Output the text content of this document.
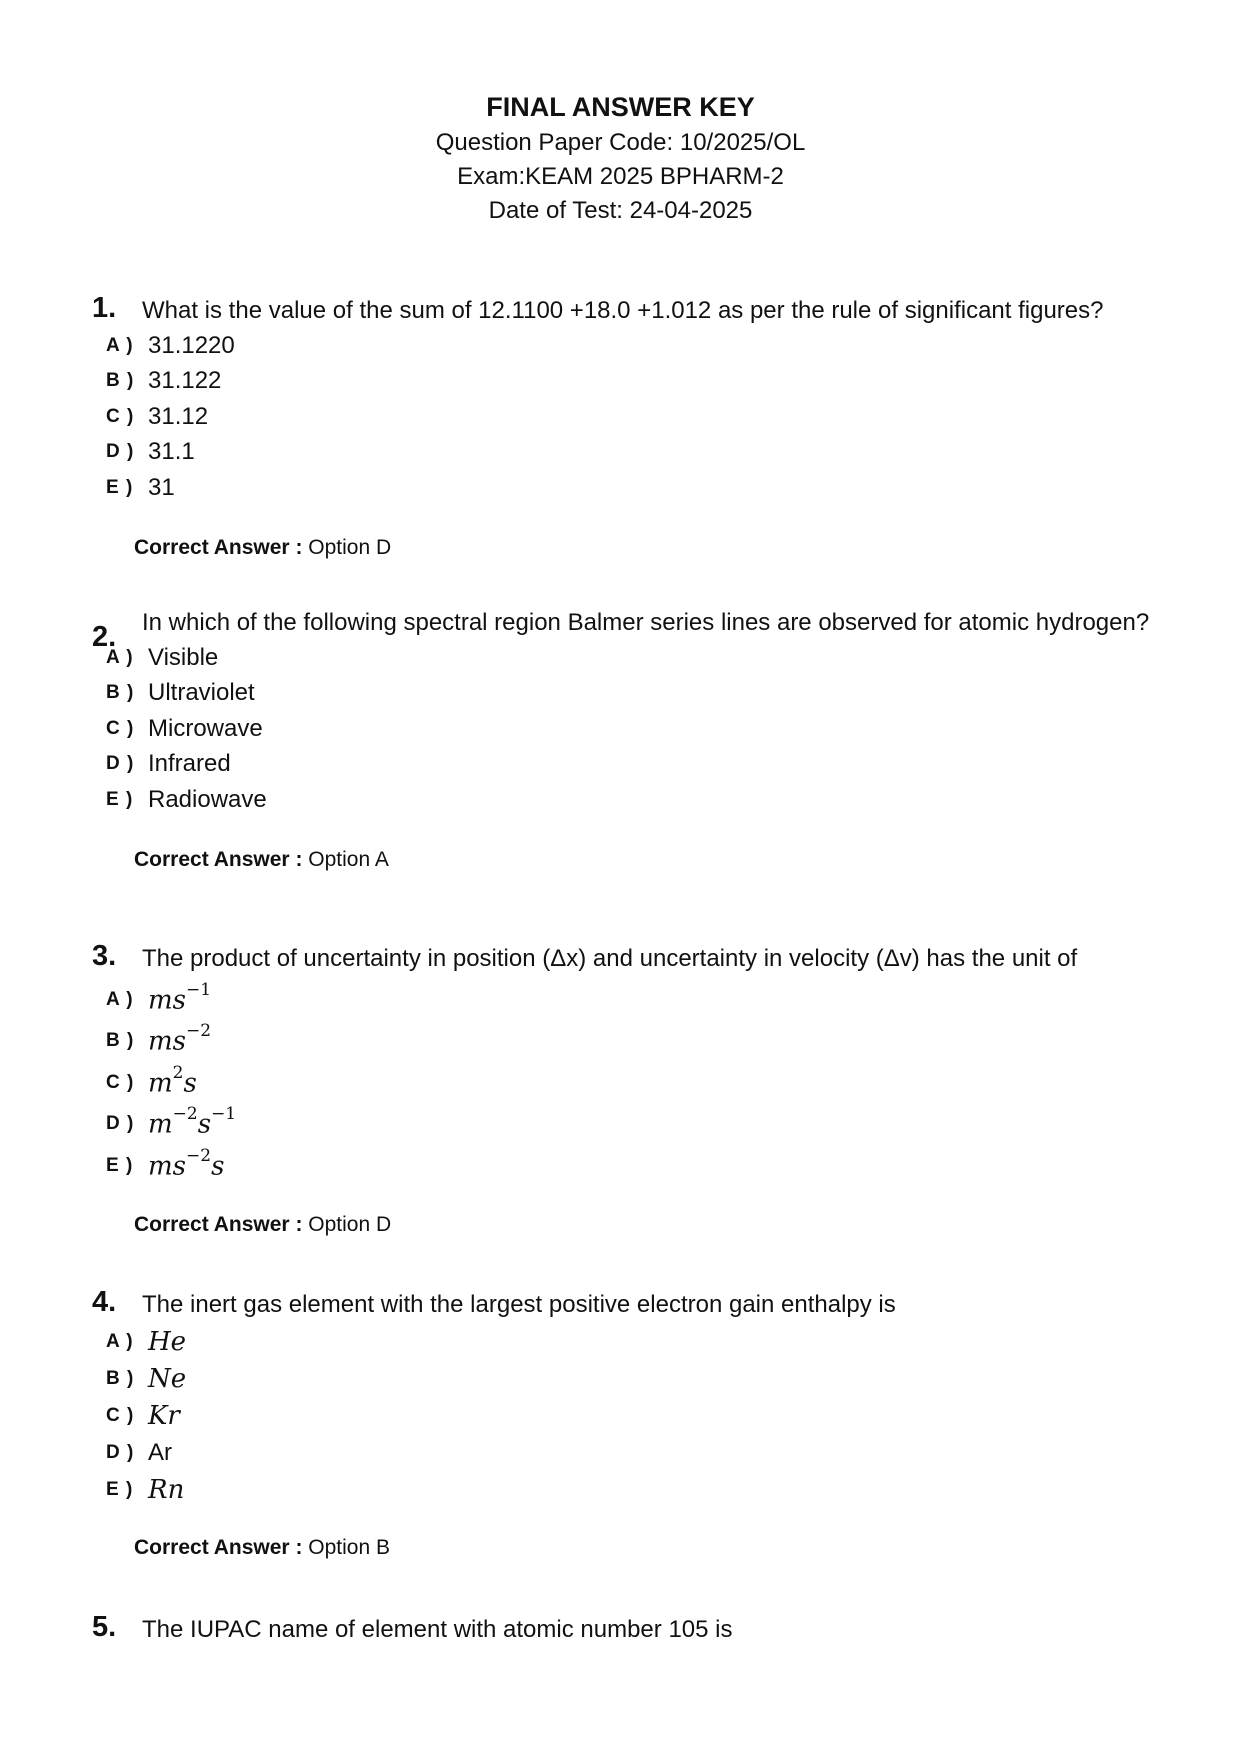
FINAL ANSWER KEY
Question Paper Code: 10/2025/OL
Exam:KEAM 2025 BPHARM-2
Date of Test: 24-04-2025
1. What is the value of the sum of 12.1100 +18.0 +1.012 as per the rule of significant figures?
A ) 31.1220
B ) 31.122
C ) 31.12
D ) 31.1
E ) 31
Correct Answer : Option D
2. In which of the following spectral region Balmer series lines are observed for atomic hydrogen?
A ) Visible
B ) Ultraviolet
C ) Microwave
D ) Infrared
E ) Radiowave
Correct Answer : Option A
3. The product of uncertainty in position (Δx) and uncertainty in velocity (Δv) has the unit of
A ) $ms^{-1}$
B ) $ms^{-2}$
C ) $m^2s$
D ) $m^{-2}s^{-1}$
E ) $ms^{-2}s$
Correct Answer : Option D
4. The inert gas element with the largest positive electron gain enthalpy is
A ) He
B ) Ne
C ) Kr
D ) Ar
E ) Rn
Correct Answer : Option B
5. The IUPAC name of element with atomic number 105 is
